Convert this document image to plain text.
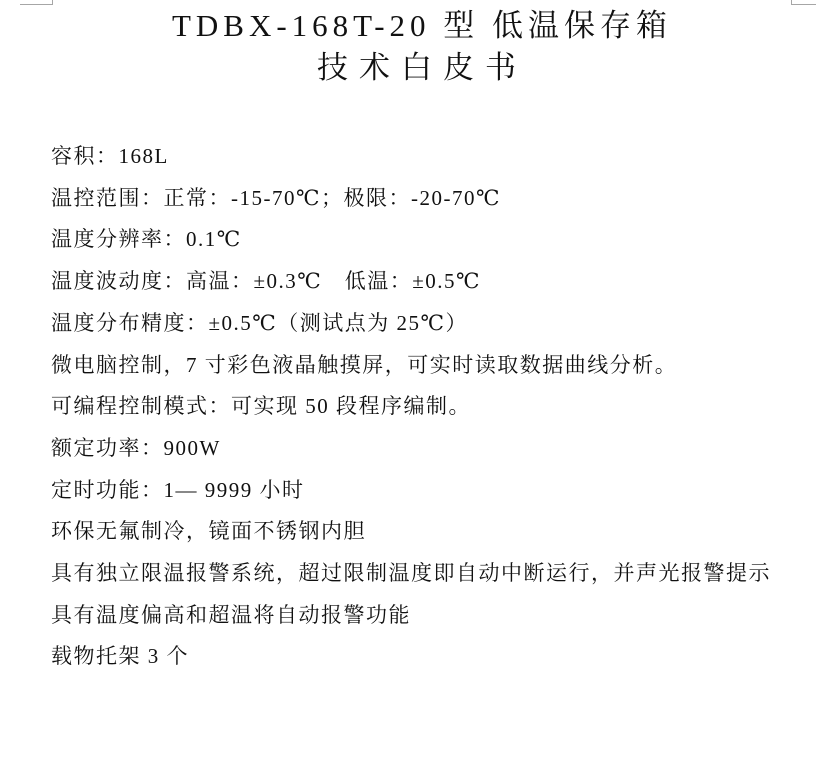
TDBX-168T-20 型 低温保存箱
技术白皮书

容积：168L

温控范围：正常：-15-70℃；极限：-20-70℃

温度分辨率：0.1℃

温度波动度：高温：±0.3℃　低温：±0.5℃

温度分布精度：±0.5℃（测试点为 25℃）

微电脑控制，7 寸彩色液晶触摸屏，可实时读取数据曲线分析。

可编程控制模式：可实现 50 段程序编制。

额定功率：900W

定时功能：1— 9999 小时

环保无氟制冷，镜面不锈钢内胆

具有独立限温报警系统，超过限制温度即自动中断运行，并声光报警提示

具有温度偏高和超温将自动报警功能

载物托架 3 个
